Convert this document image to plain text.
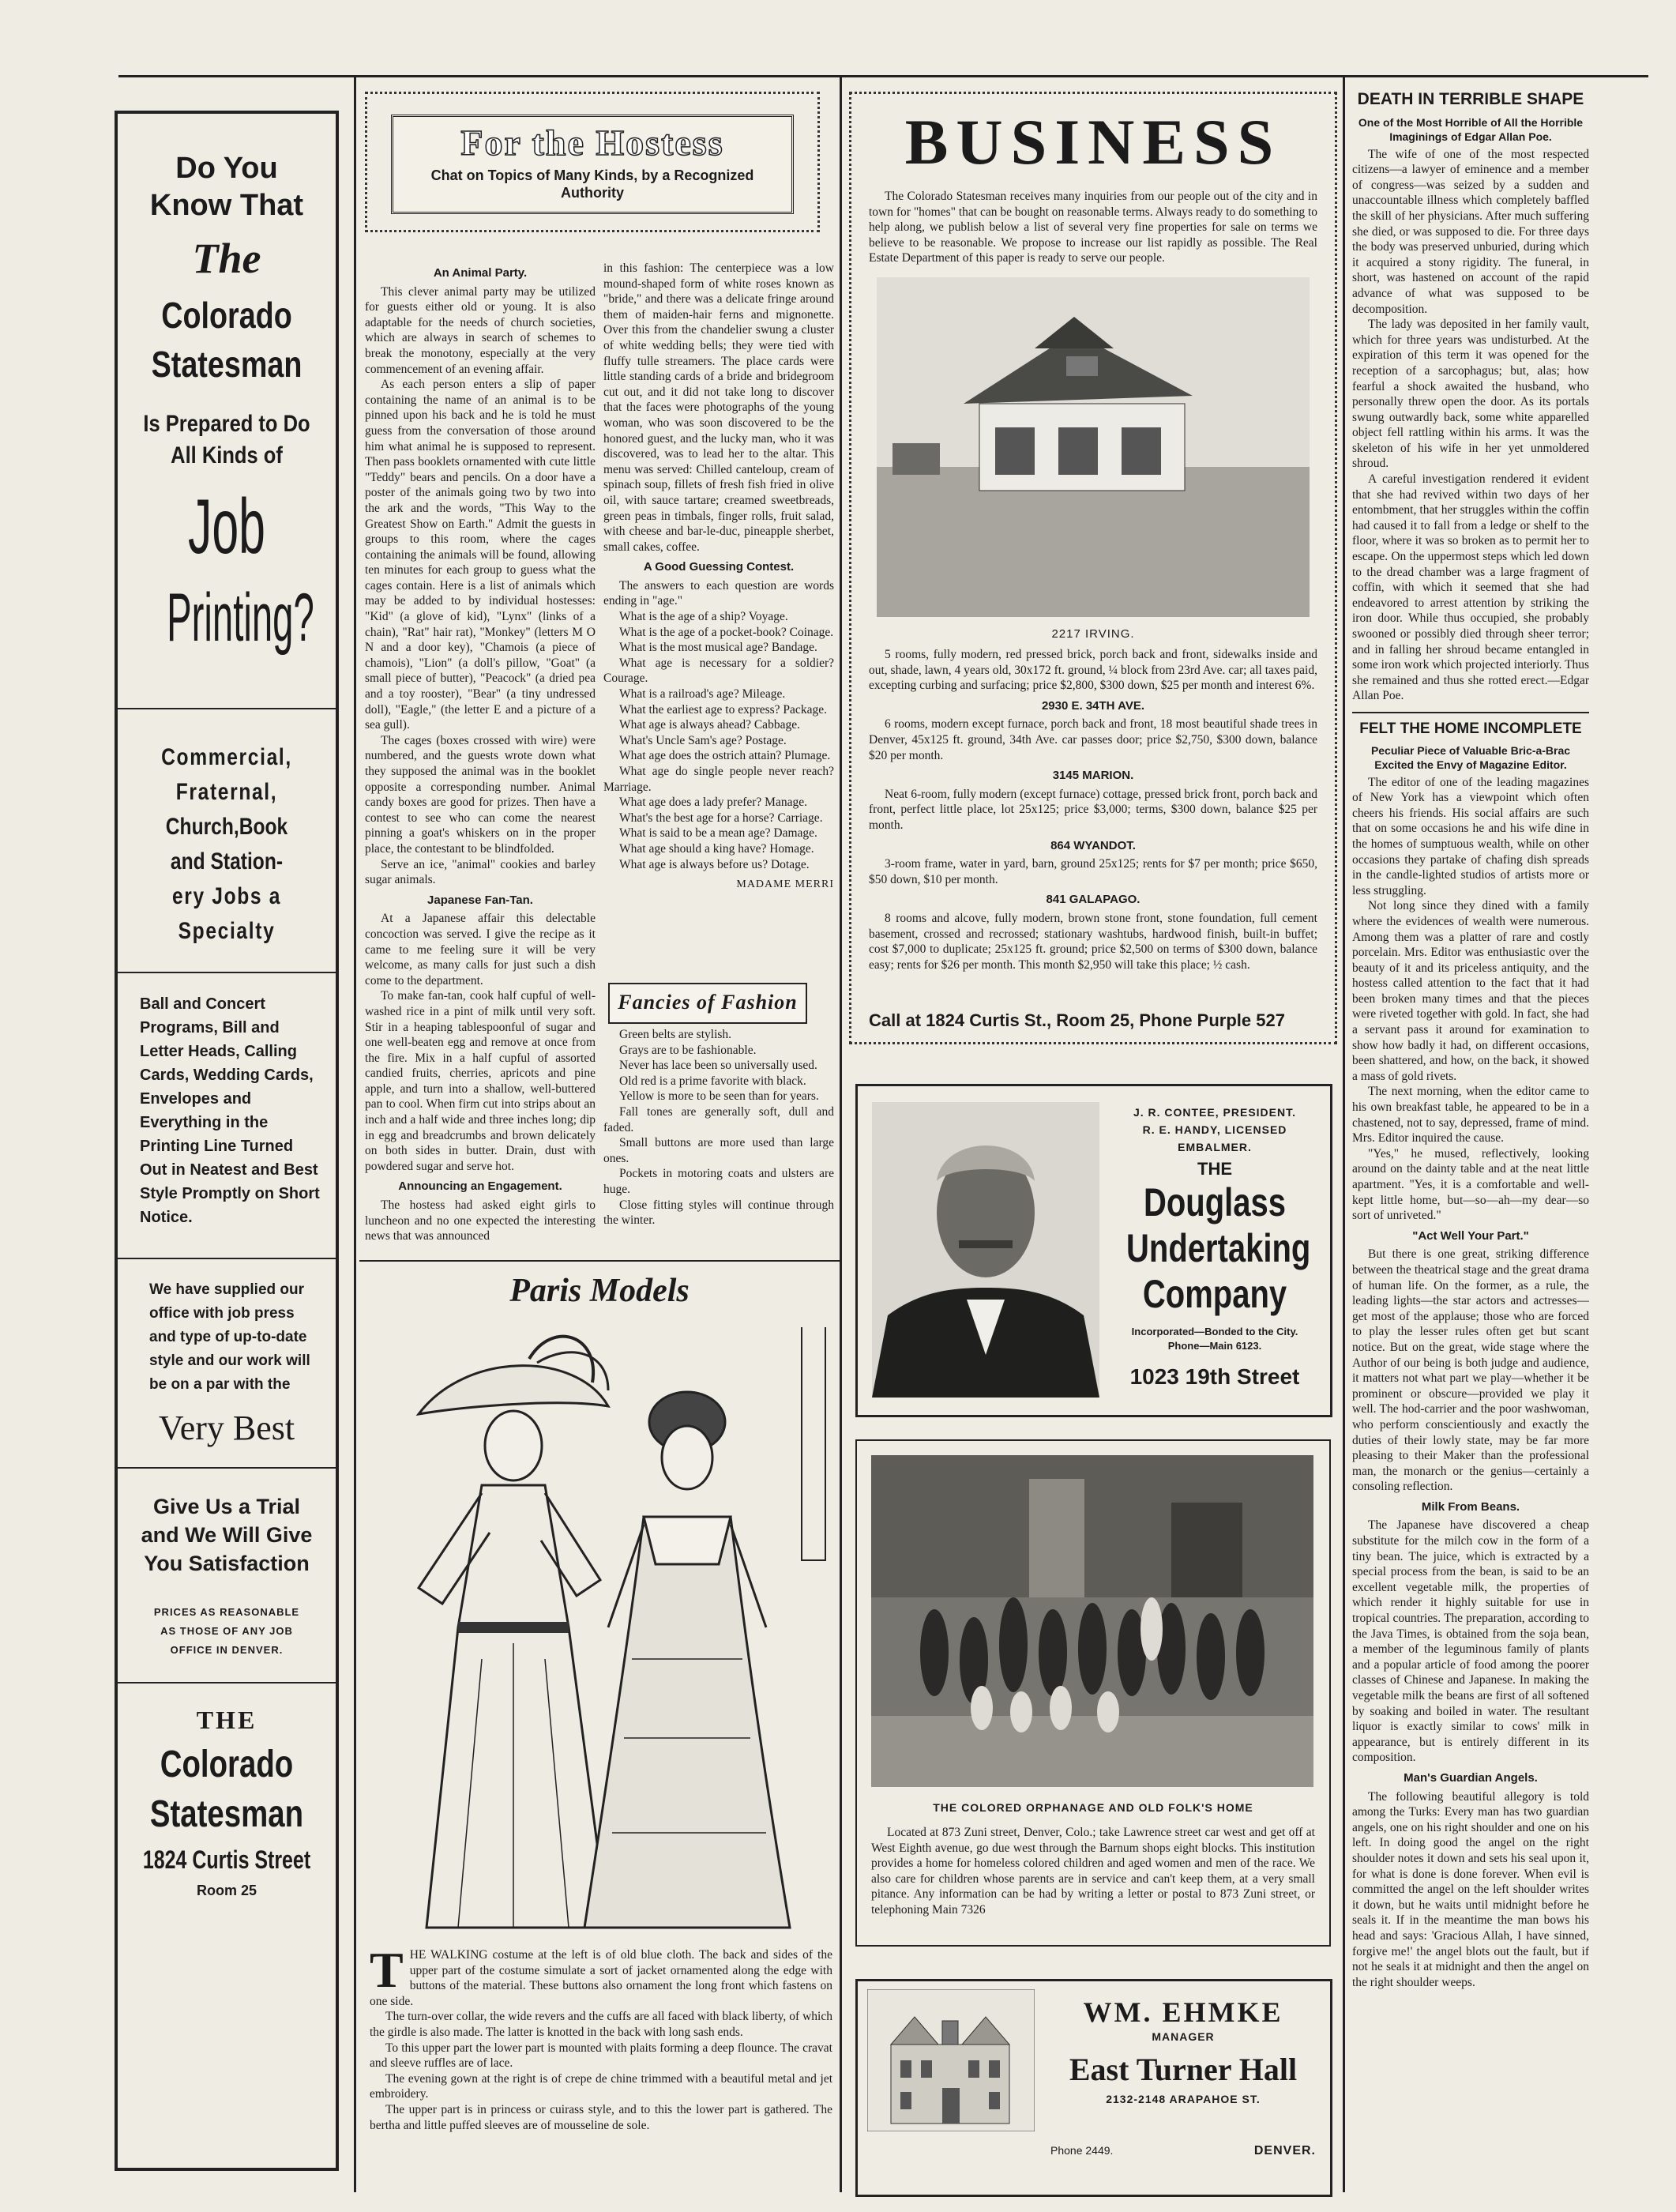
Do You
Know That
The
Colorado
Statesman
Is Prepared to Do
All Kinds of
Job
Printing?
Commercial,
Fraternal,
Church,Book
and Station-
ery Jobs a
Specialty
Ball and Concert Programs, Bill and Letter Heads, Calling Cards, Wedding Cards, Envelopes and Everything in the Printing Line Turned Out in Neatest and Best Style Promptly on Short Notice.
We have supplied our office with job press and type of up-to-date style and our work will be on a par with the
Very Best
Give Us a Trial and We Will Give You Satisfaction
PRICES AS REASONABLE AS THOSE OF ANY JOB OFFICE IN DENVER.
THE
Colorado
Statesman
1824 Curtis Street
Room 25
For the Hostess
Chat on Topics of Many Kinds, by a Recognized Authority
An Animal Party.

This clever animal party may be utilized for guests either old or young. It is also adaptable for the needs of church societies, which are always in search of schemes to break the monotony, especially at the very commencement of an evening affair.

As each person enters a slip of paper containing the name of an animal is to be pinned upon his back and he is told he must guess from the conversation of those around him what animal he is supposed to represent. Then pass booklets ornamented with cute little "Teddy" bears and pencils. On a door have a poster of the animals going two by two into the ark and the words, "This Way to the Greatest Show on Earth." Admit the guests in groups to this room, where the cages containing the animals will be found, allowing ten minutes for each group to guess what the cages contain. Here is a list of animals which may be added to by individual hostesses: "Kid" (a glove of kid), "Lynx" (links of a chain), "Rat" hair rat), "Monkey" (letters M O N and a door key), "Chamois (a piece of chamois), "Lion" (a doll's pillow, "Goat" (a small piece of butter), "Peacock" (a dried pea and a toy rooster), "Bear" (a tiny undressed doll), "Eagle," (the letter E and a picture of a sea gull).

The cages (boxes crossed with wire) were numbered, and the guests wrote down what they supposed the animal was in the booklet opposite a corresponding number. Animal candy boxes are good for prizes. Then have a contest to see who can come the nearest pinning a goat's whiskers on in the proper place, the contestant to be blindfolded.

Serve an ice, "animal" cookies and barley sugar animals.

Japanese Fan-Tan.

At a Japanese affair this delectable concoction was served. I give the recipe as it came to me feeling sure it will be very welcome, as many calls for just such a dish come to the department.

To make fan-tan, cook half cupful of well-washed rice in a pint of milk until very soft. Stir in a heaping tablespoonful of sugar and one well-beaten egg and remove at once from the fire. Mix in a half cupful of assorted candied fruits, cherries, apricots and pine apple, and turn into a shallow, well-buttered pan to cool. When firm cut into strips about an inch and a half wide and three inches long; dip in egg and breadcrumbs and brown delicately on both sides in butter. Drain, dust with powdered sugar and serve hot.

Announcing an Engagement.

The hostess had asked eight girls to luncheon and no one expected the interesting news that was announced

in this fashion: The centerpiece was a low mound-shaped form of white roses known as "bride," and there was a delicate fringe around them of maiden-hair ferns and mignonette. Over this from the chandelier swung a cluster of white wedding bells; they were tied with fluffy tulle streamers. The place cards were little standing cards of a bride and bridegroom cut out, and it did not take long to discover that the faces were photographs of the young woman, who was soon discovered to be the honored guest, and the lucky man, who it was discovered, was to lead her to the altar. This menu was served: Chilled canteloup, cream of spinach soup, fillets of fresh fish fried in olive oil, with sauce tartare; creamed sweetbreads, green peas in timbals, finger rolls, fruit salad, with cheese and bar-le-duc, pineapple sherbet, small cakes, coffee.

A Good Guessing Contest.

The answers to each question are words ending in "age."

What is the age of a ship? Voyage.

What is the age of a pocket-book? Coinage.

What is the most musical age? Bandage.

What age is necessary for a soldier? Courage.

What is a railroad's age? Mileage.

What the earliest age to express? Package.

What age is always ahead? Cabbage.

What's Uncle Sam's age? Postage.

What age does the ostrich attain? Plumage.

What age do single people never reach? Marriage.

What age does a lady prefer? Manage.

What's the best age for a horse? Carriage.

What is said to be a mean age? Damage.

What age should a king have? Homage.

What age is always before us? Dotage.

MADAME MERRI
Fancies of Fashion

Green belts are stylish.

Grays are to be fashionable.

Never has lace been so universally used.

Old red is a prime favorite with black.

Yellow is more to be seen than for years.

Fall tones are generally soft, dull and faded.

Small buttons are more used than large ones.

Pockets in motoring coats and ulsters are huge.

Close fitting styles will continue through the winter.

Paris Models

THE WALKING costume at the left is of old blue cloth. The back and sides of the upper part of the costume simulate a sort of jacket ornamented along the edge with buttons of the material. These buttons also ornament the long front which fastens on one side.

The turn-over collar, the wide revers and the cuffs are all faced with black liberty, of which the girdle is also made. The latter is knotted in the back with long sash ends.

To this upper part the lower part is mounted with plaits forming a deep flounce. The cravat and sleeve ruffles are of lace.

The evening gown at the right is of crepe de chine trimmed with a beautiful metal and jet embroidery.

The upper part is in princess or cuirass style, and to this the lower part is gathered. The bertha and little puffed sleeves are of mousseline de sole.

BUSINESS

The Colorado Statesman receives many inquiries from our people out of the city and in town for "homes" that can be bought on reasonable terms. Always ready to do something to help along, we publish below a list of several very fine properties for sale on terms we believe to be reasonable. We propose to increase our list rapidly as possible. The Real Estate Department of this paper is ready to serve our people.

2217 IRVING.

5 rooms, fully modern, red pressed brick, porch back and front, sidewalks inside and out, shade, lawn, 4 years old, 30x172 ft. ground, ¼ block from 23rd Ave. car; all taxes paid, excepting curbing and surfacing; price $2,800, $300 down, $25 per month and interest 6%.

2930 E. 34TH AVE.

6 rooms, modern except furnace, porch back and front, 18 most beautiful shade trees in Denver, 45x125 ft. ground, 34th Ave. car passes door; price $2,750, $300 down, balance $20 per month.

3145 MARION.

Neat 6-room, fully modern (except furnace) cottage, pressed brick front, porch back and front, perfect little place, lot 25x125; price $3,000; terms, $300 down, balance $25 per month.

864 WYANDOT.

3-room frame, water in yard, barn, ground 25x125; rents for $7 per month; price $650, $50 down, $10 per month.

841 GALAPAGO.

8 rooms and alcove, fully modern, brown stone front, stone foundation, full cement basement, crossed and recrossed; stationary washtubs, hardwood finish, built-in buffet; cost $7,000 to duplicate; 25x125 ft. ground; price $2,500 on terms of $300 down, balance easy; rents for $26 per month. This month $2,950 will take this place; ½ cash.

Call at 1824 Curtis St., Room 25, Phone Purple 527
J. R. CONTEE, PRESIDENT.
R. E. HANDY, LICENSED EMBALMER.
THE
Douglass
Undertaking
Company
Incorporated—Bonded to the City. Phone—Main 6123.
1023 19th Street
THE COLORED ORPHANAGE AND OLD FOLK'S HOME

Located at 873 Zuni street, Denver, Colo.; take Lawrence street car west and get off at West Eighth avenue, go due west through the Barnum shops eight blocks. This institution provides a home for homeless colored children and aged women and men of the race. We also care for children whose parents are in service and can't keep them, at a very small pitance. Any information can be had by writing a letter or postal to 873 Zuni street, or telephoning Main 7326

WM. EHMKE
MANAGER
East Turner Hall
2132-2148 ARAPAHOE ST.
Phone 2449.	DENVER.
DEATH IN TERRIBLE SHAPE
One of the Most Horrible of All the Horrible Imaginings of Edgar Allan Poe.

The wife of one of the most respected citizens—a lawyer of eminence and a member of congress—was seized by a sudden and unaccountable illness which completely baffled the skill of her physicians. After much suffering she died, or was supposed to die. For three days the body was preserved unburied, during which it acquired a stony rigidity. The funeral, in short, was hastened on account of the rapid advance of what was supposed to be decomposition.

The lady was deposited in her family vault, which for three years was undisturbed. At the expiration of this term it was opened for the reception of a sarcophagus; but, alas; how fearful a shock awaited the husband, who personally threw open the door. As its portals swung outwardly back, some white apparelled object fell rattling within his arms. It was the skeleton of his wife in her yet unmoldered shroud.

A careful investigation rendered it evident that she had revived within two days of her entombment, that her struggles within the coffin had caused it to fall from a ledge or shelf to the floor, where it was so broken as to permit her to escape. On the uppermost steps which led down to the dread chamber was a large fragment of coffin, with which it seemed that she had endeavored to arrest attention by striking the iron door. While thus occupied, she probably swooned or possibly died through sheer terror; and in falling her shroud became entangled in some iron work which projected interiorly. Thus she remained and thus she rotted erect.—Edgar Allan Poe.

FELT THE HOME INCOMPLETE
Peculiar Piece of Valuable Bric-a-Brac Excited the Envy of Magazine Editor.

The editor of one of the leading magazines of New York has a viewpoint which often cheers his friends. His social affairs are such that on some occasions he and his wife dine in the homes of sumptuous wealth, while on other occasions they partake of chafing dish spreads in the candle-lighted studios of artists more or less struggling.

Not long since they dined with a family where the evidences of wealth were numerous. Among them was a platter of rare and costly porcelain. Mrs. Editor was enthusiastic over the beauty of it and its priceless antiquity, and the hostess called attention to the fact that it had been broken many times and that the pieces were riveted together with gold. In fact, she had a servant pass it around for examination to show how badly it had, on different occasions, been shattered, and how, on the back, it showed a mass of gold rivets.

The next morning, when the editor came to his own breakfast table, he appeared to be in a chastened, not to say, depressed, frame of mind. Mrs. Editor inquired the cause.

"Yes," he mused, reflectively, looking around on the dainty table and at the neat little apartment. "Yes, it is a comfortable and well-kept little home, but—so—ah—my dear—so sort of unriveted."

"Act Well Your Part."

But there is one great, striking difference between the theatrical stage and the great drama of human life. On the former, as a rule, the leading lights—the star actors and actresses—get most of the applause; those who are forced to play the lesser rules often get but scant notice. But on the great, wide stage where the Author of our being is both judge and audience, it matters not what part we play—whether it be prominent or obscure—provided we play it well. The hod-carrier and the poor washwoman, who perform conscientiously and exactly the duties of their lowly state, may be far more pleasing to their Maker than the professional man, the monarch or the genius—certainly a consoling reflection.

Milk From Beans.

The Japanese have discovered a cheap substitute for the milch cow in the form of a tiny bean. The juice, which is extracted by a special process from the bean, is said to be an excellent vegetable milk, the properties of which render it highly suitable for use in tropical countries. The preparation, according to the Java Times, is obtained from the soja bean, a member of the leguminous family of plants and a popular article of food among the poorer classes of Chinese and Japanese. In making the vegetable milk the beans are first of all softened by soaking and boiled in water. The resultant liquor is exactly similar to cows' milk in appearance, but is entirely different in its composition.

Man's Guardian Angels.

The following beautiful allegory is told among the Turks: Every man has two guardian angels, one on his right shoulder and one on his left. In doing good the angel on the right shoulder notes it down and sets his seal upon it, for what is done is done forever. When evil is committed the angel on the left shoulder writes it down, but he waits until midnight before he seals it. If in the meantime the man bows his head and says: 'Gracious Allah, I have sinned, forgive me!' the angel blots out the fault, but if not he seals it at midnight and then the angel on the right shoulder weeps.
